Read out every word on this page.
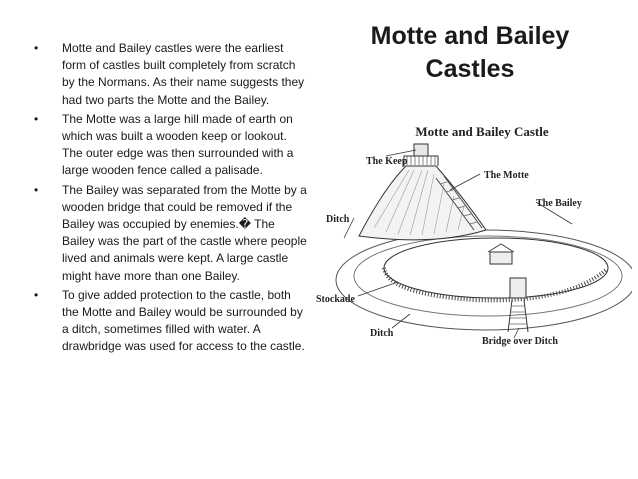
• Motte and Bailey castles were the earliest form of castles built completely from scratch by the Normans. As their name suggests they had two parts the Motte and the Bailey.
• The Motte was a large hill made of earth on which was built a wooden keep or lookout. The outer edge was then surrounded with a large wooden fence called a palisade.
• The Bailey was separated from the Motte by a wooden bridge that could be removed if the Bailey was occupied by enemies.� The Bailey was the part of the castle where people lived and animals were kept. A large castle might have more than one Bailey.
• To give added protection to the castle, both the Motte and Bailey would be surrounded by a ditch, sometimes filled with water. A drawbridge was used for access to the castle.
Motte and Bailey
Castles
Motte and Bailey Castle
The Keep
The Motte
The Bailey
Ditch
Stockade
Ditch
Bridge over Ditch
